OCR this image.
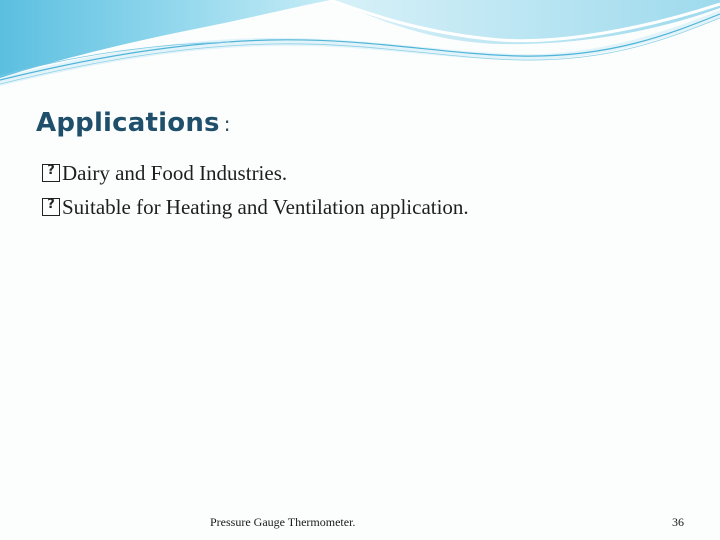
Applications :
?
Dairy and Food Industries.
?
Suitable for Heating and Ventilation application.
Pressure Gauge Thermometer.	36
